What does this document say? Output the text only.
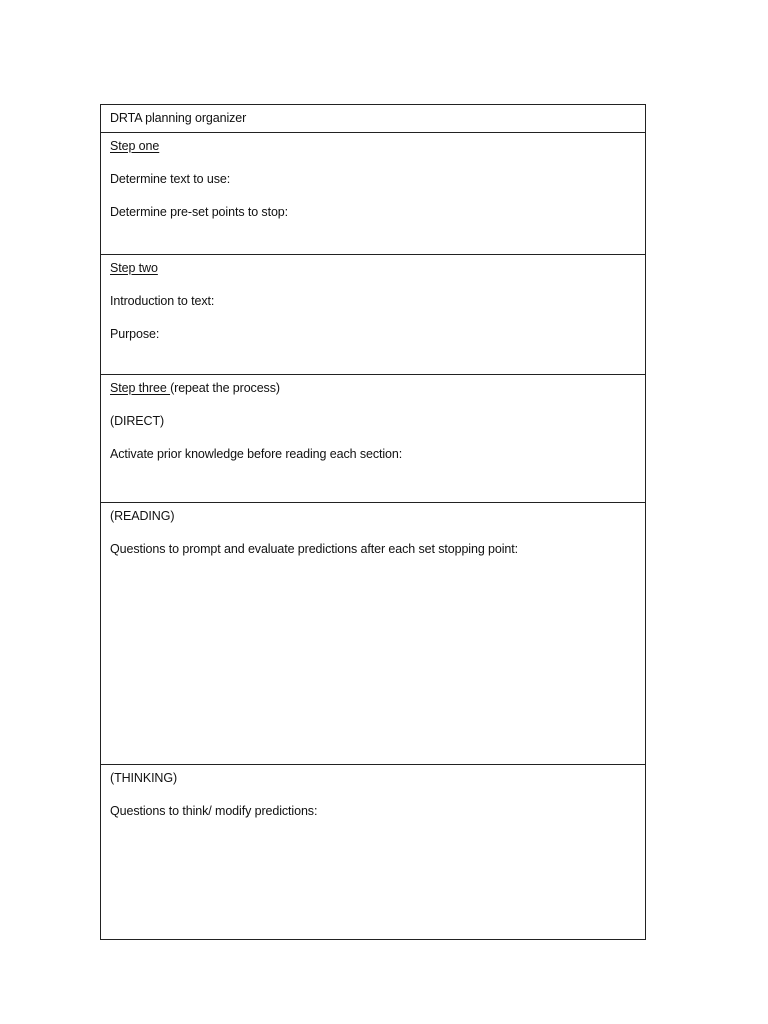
DRTA planning organizer
Step one
Determine text to use:
Determine pre-set points to stop:
Step two
Introduction to text:
Purpose:
Step three (repeat the process)
(DIRECT)
Activate prior knowledge before reading each section:
(READING)
Questions to prompt and evaluate predictions after each set stopping point:
(THINKING)
Questions to think/ modify predictions:
